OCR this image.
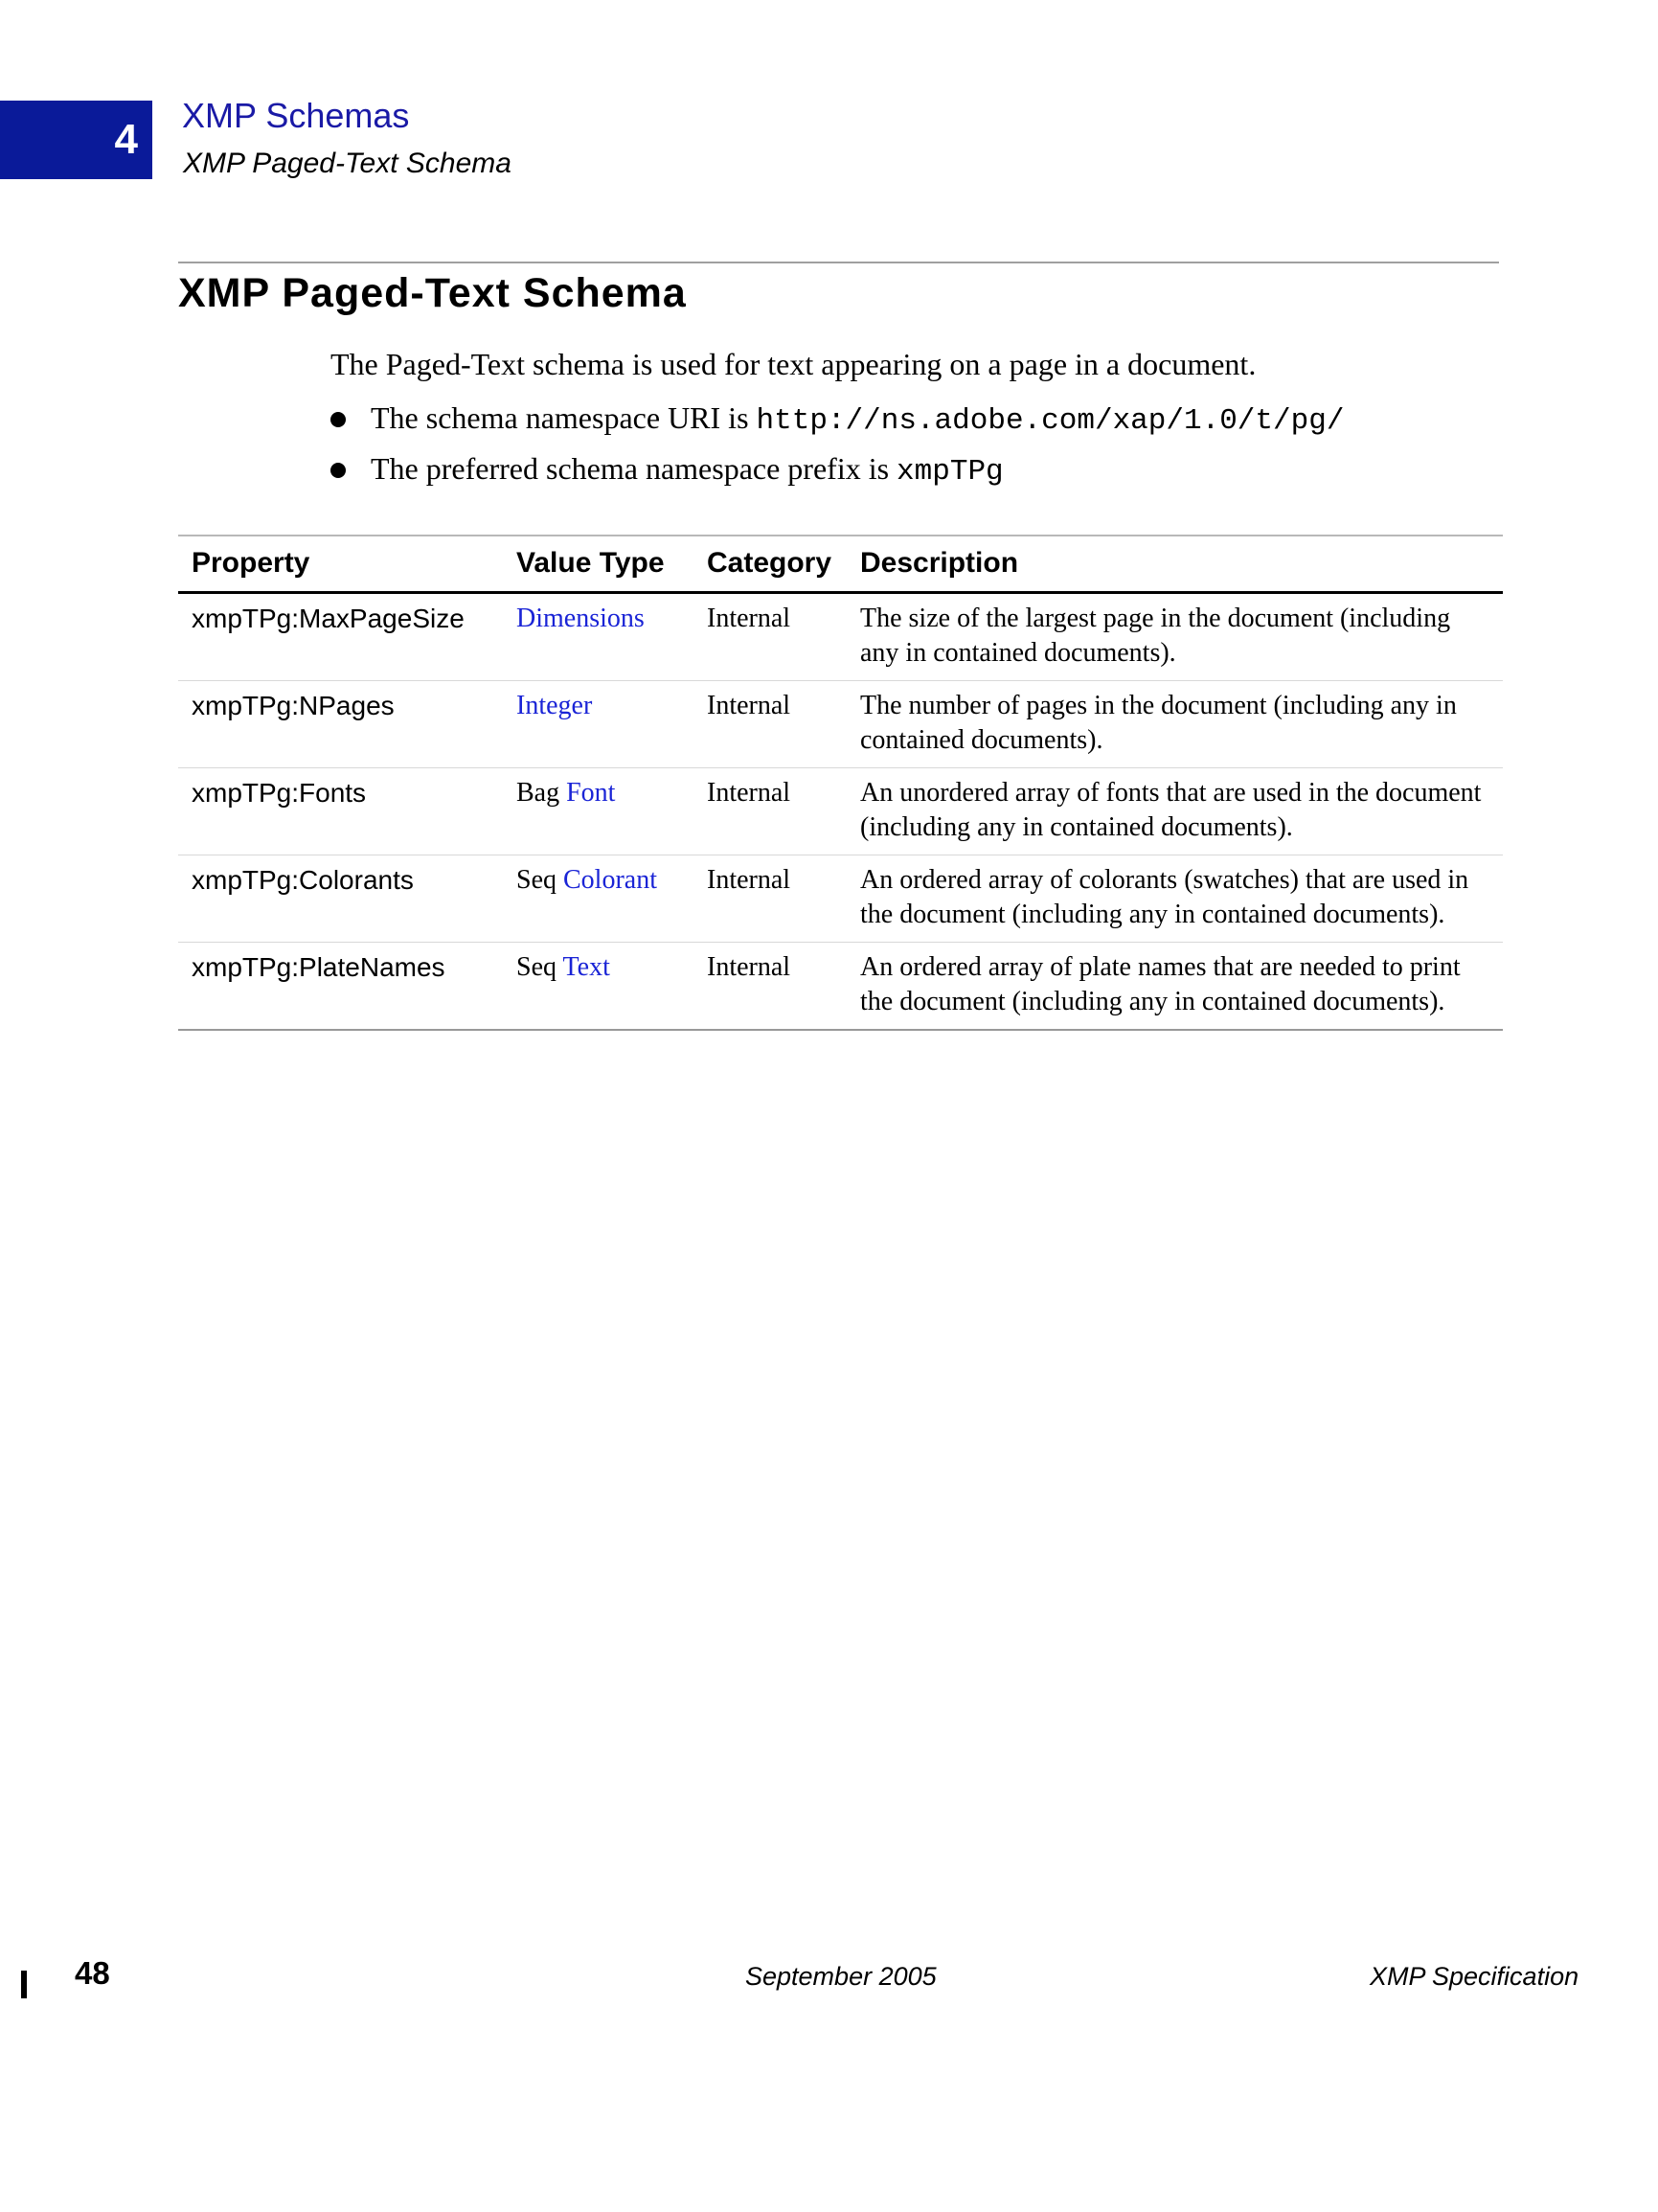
4
XMP Schemas
XMP Paged-Text Schema
XMP Paged-Text Schema

The Paged-Text schema is used for text appearing on a page in a document.

The schema namespace URI is http://ns.adobe.com/xap/1.0/t/pg/
The preferred schema namespace prefix is xmpTPg
Property	Value Type	Category	Description
xmpTPg:MaxPageSize	Dimensions	Internal	The size of the largest page in the document (including any in contained documents).
xmpTPg:NPages	Integer	Internal	The number of pages in the document (including any in contained documents).
xmpTPg:Fonts	Bag Font	Internal	An unordered array of fonts that are used in the document (including any in contained documents).
xmpTPg:Colorants	Seq Colorant	Internal	An ordered array of colorants (swatches) that are used in the document (including any in contained documents).
xmpTPg:PlateNames	Seq Text	Internal	An ordered array of plate names that are needed to print the document (including any in contained documents).
48	September 2005	XMP Specification
